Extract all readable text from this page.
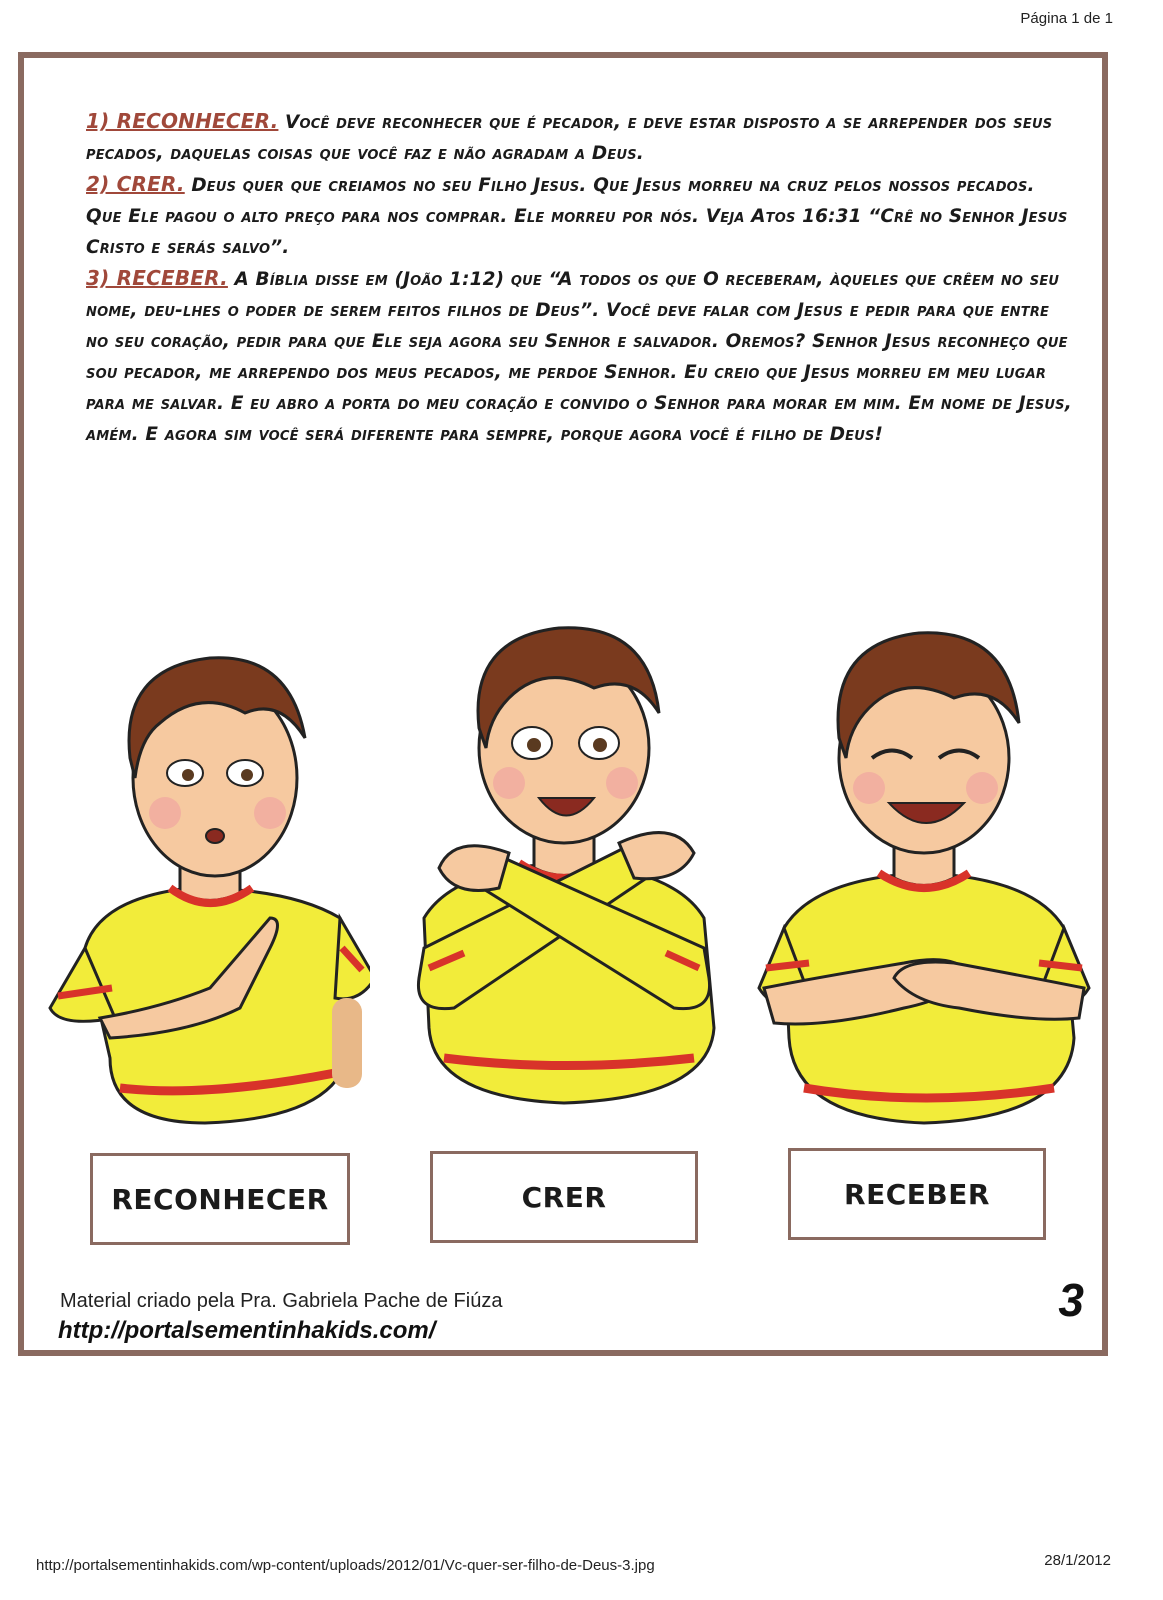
Página 1 de 1

1) RECONHECER. Você deve reconhecer que é pecador, e deve estar disposto a se arrepender dos seus pecados, daquelas coisas que você faz e não agradam a Deus.

2) CRER. Deus quer que creiamos no seu Filho Jesus. Que Jesus morreu na cruz pelos nossos pecados. Que Ele pagou o alto preço para nos comprar. Ele morreu por nós. Veja Atos 16:31 “Crê no Senhor Jesus Cristo e serás salvo”.

3) RECEBER. A Bíblia disse em (João 1:12) que “A todos os que O receberam, àqueles que crêem no seu nome, deu-lhes o poder de serem feitos filhos de Deus”. Você deve falar com Jesus e pedir para que entre no seu coração, pedir para que Ele seja agora seu Senhor e salvador. Oremos? Senhor Jesus reconheço que sou pecador, me arrependo dos meus pecados, me perdoe Senhor. Eu creio que Jesus morreu em meu lugar para me salvar. E eu abro a porta do meu coração e convido o Senhor para morar em mim. Em nome de Jesus, amém. E agora sim você será diferente para sempre, porque agora você é filho de Deus!

RECONHECER	CRER	RECEBER
Material criado pela Pra. Gabriela Pache de Fiúza
http://portalsementinhakids.com/
3
http://portalsementinhakids.com/wp-content/uploads/2012/01/Vc-quer-ser-filho-de-Deus-3.jpg	28/1/2012
